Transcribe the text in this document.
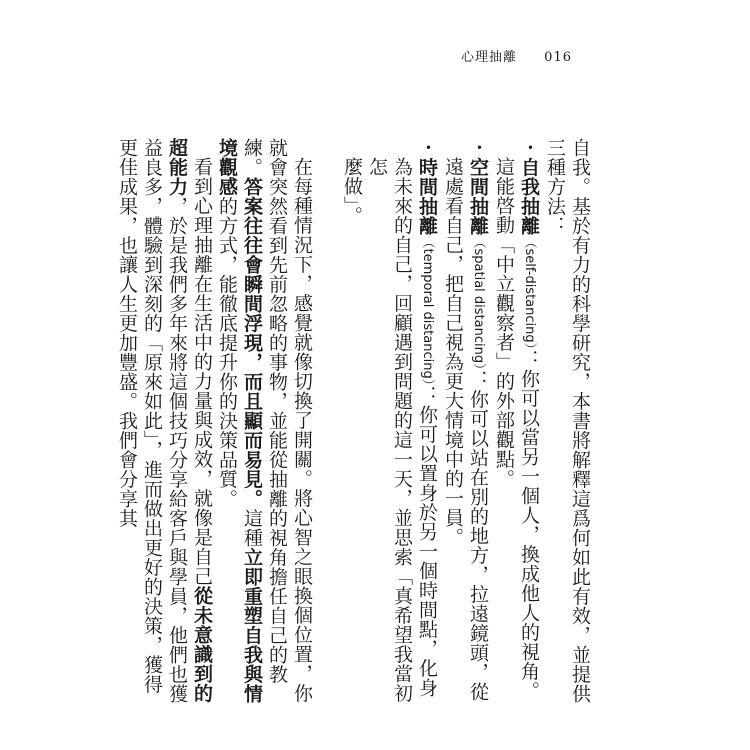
心理抽離 016

自我。基於有力的科學研究，本書將解釋這爲何如此有效，並提供三種方法：

・自我抽離（self-distancing）：你可以當另一個人，換成他人的視角。
這能啓動「中立觀察者」的外部觀點。

・空間抽離（spatial distancing）：你可以站在別的地方，拉遠鏡頭，從
遠處看自己，把自己視為更大情境中的一員。

・時間抽離（temporal distancing）：你可以置身於另一個時間點，化身
為未來的自己，回顧遇到問題的這一天，並思索「真希望我當初怎
麼做」。

在每種情況下，感覺就像切換了開關。將心智之眼換個位置，你就會突然看到先前忽略的事物，並能從抽離的視角擔任自己的教練。答案往往會瞬間浮現，而且顯而易見。這種立即重塑自我與情境觀感的方式，能徹底提升你的決策品質。

看到心理抽離在生活中的力量與成效，就像是自己從未意識到的超能力，於是我們多年來將這個技巧分享給客戶與學員，他們也獲益良多，體驗到深刻的「原來如此」，進而做出更好的決策，獲得更佳成果，也讓人生更加豐盛。我們會分享其
